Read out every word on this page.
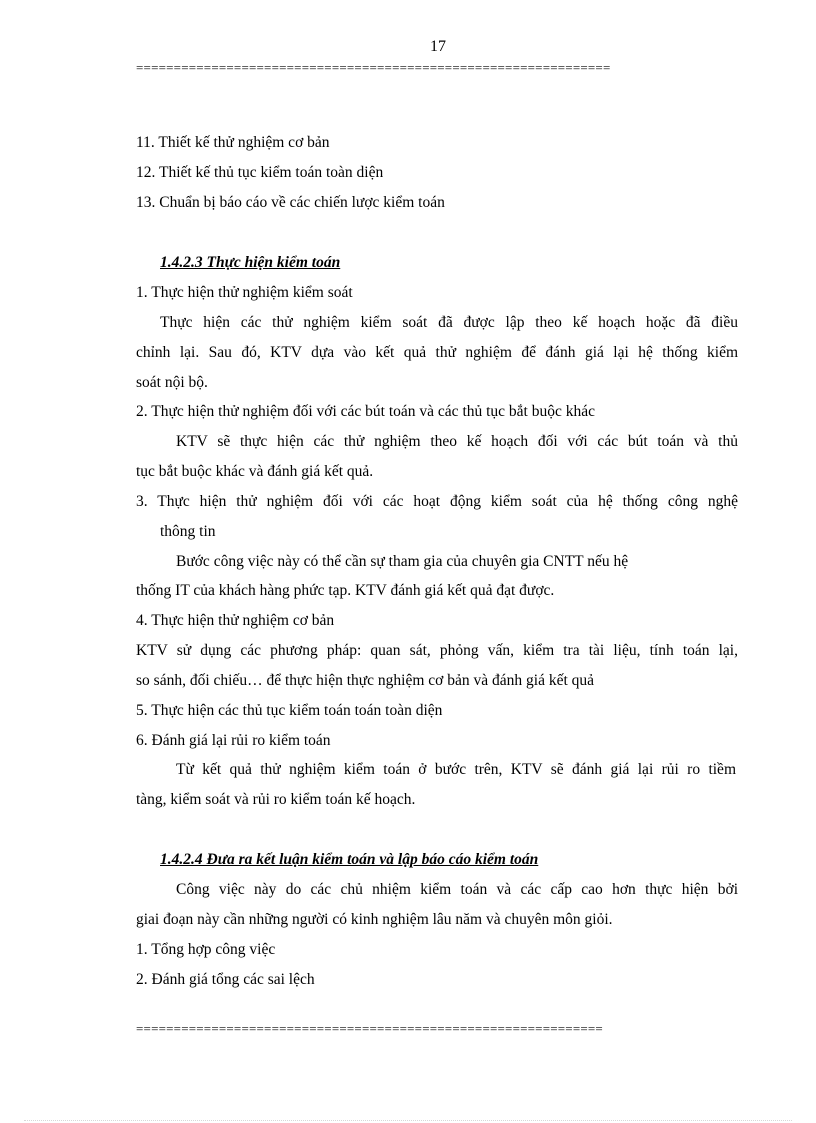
17
===============================================================
11. Thiết kế thử nghiệm cơ bản
12. Thiết kế thủ tục kiểm toán toàn diện
13. Chuẩn bị báo cáo về các chiến lược kiểm toán
1.4.2.3 Thực hiện kiểm toán
1. Thực hiện thử nghiệm kiểm soát
Thực hiện các thử nghiệm kiểm soát đã được lập theo kế hoạch hoặc đã điều
chỉnh lại. Sau đó, KTV dựa vào kết quả thử nghiệm để đánh giá lại hệ thống kiểm
soát nội bộ.
2. Thực hiện thử nghiệm đối với các bút toán và các thủ tục bắt buộc khác
KTV sẽ thực hiện các thử nghiệm theo kế hoạch đối với các bút toán và thủ
tục bắt buộc khác và đánh giá kết quả.
3. Thực hiện thử nghiệm đối với các hoạt động kiểm soát của hệ thống công nghệ
thông tin
Bước công việc này có thể cần sự tham gia của chuyên gia CNTT nếu hệ
thống IT của khách hàng phức tạp. KTV đánh giá kết quả đạt được.
4. Thực hiện thử nghiệm cơ bản
KTV sử dụng các phương pháp: quan sát, phỏng vấn, kiểm tra tài liệu, tính toán lại,
so sánh, đối chiếu… để thực hiện thực nghiệm cơ bản và đánh giá kết quả
5. Thực hiện các thủ tục kiểm toán toán toàn diện
6. Đánh giá lại rủi ro kiểm toán
Từ kết quả thử nghiệm kiểm toán ở bước trên, KTV sẽ đánh giá lại rủi ro tiềm
tàng, kiểm soát và rủi ro kiểm toán kế hoạch.
1.4.2.4 Đưa ra kết luận kiểm toán và lập báo cáo kiểm toán
Công việc này do các chủ nhiệm kiểm toán và các cấp cao hơn thực hiện bởi
giai đoạn này cần những người có kinh nghiệm lâu năm và chuyên môn giỏi.
1. Tổng hợp công việc
2. Đánh giá tổng các sai lệch
==============================================================
